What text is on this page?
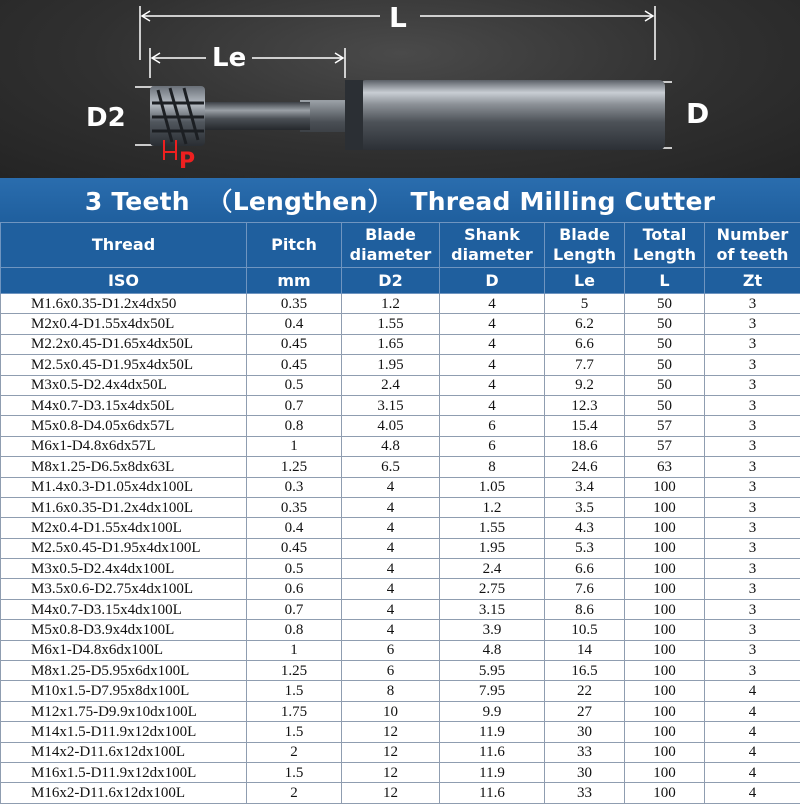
L
Le
D2	D
P
3 Teeth  （Lengthen）  Thread Milling Cutter
Thread	Pitch	Blade diameter	Shank diameter	Blade Length	Total Length	Number of teeth
ISO	mm	D2	D	Le	L	Zt
M1.6x0.35-D1.2x4dx50	0.35	1.2	4	5	50	3
M2x0.4-D1.55x4dx50L	0.4	1.55	4	6.2	50	3
M2.2x0.45-D1.65x4dx50L	0.45	1.65	4	6.6	50	3
M2.5x0.45-D1.95x4dx50L	0.45	1.95	4	7.7	50	3
M3x0.5-D2.4x4dx50L	0.5	2.4	4	9.2	50	3
M4x0.7-D3.15x4dx50L	0.7	3.15	4	12.3	50	3
M5x0.8-D4.05x6dx57L	0.8	4.05	6	15.4	57	3
M6x1-D4.8x6dx57L	1	4.8	6	18.6	57	3
M8x1.25-D6.5x8dx63L	1.25	6.5	8	24.6	63	3
M1.4x0.3-D1.05x4dx100L	0.3	4	1.05	3.4	100	3
M1.6x0.35-D1.2x4dx100L	0.35	4	1.2	3.5	100	3
M2x0.4-D1.55x4dx100L	0.4	4	1.55	4.3	100	3
M2.5x0.45-D1.95x4dx100L	0.45	4	1.95	5.3	100	3
M3x0.5-D2.4x4dx100L	0.5	4	2.4	6.6	100	3
M3.5x0.6-D2.75x4dx100L	0.6	4	2.75	7.6	100	3
M4x0.7-D3.15x4dx100L	0.7	4	3.15	8.6	100	3
M5x0.8-D3.9x4dx100L	0.8	4	3.9	10.5	100	3
M6x1-D4.8x6dx100L	1	6	4.8	14	100	3
M8x1.25-D5.95x6dx100L	1.25	6	5.95	16.5	100	3
M10x1.5-D7.95x8dx100L	1.5	8	7.95	22	100	4
M12x1.75-D9.9x10dx100L	1.75	10	9.9	27	100	4
M14x1.5-D11.9x12dx100L	1.5	12	11.9	30	100	4
M14x2-D11.6x12dx100L	2	12	11.6	33	100	4
M16x1.5-D11.9x12dx100L	1.5	12	11.9	30	100	4
M16x2-D11.6x12dx100L	2	12	11.6	33	100	4
